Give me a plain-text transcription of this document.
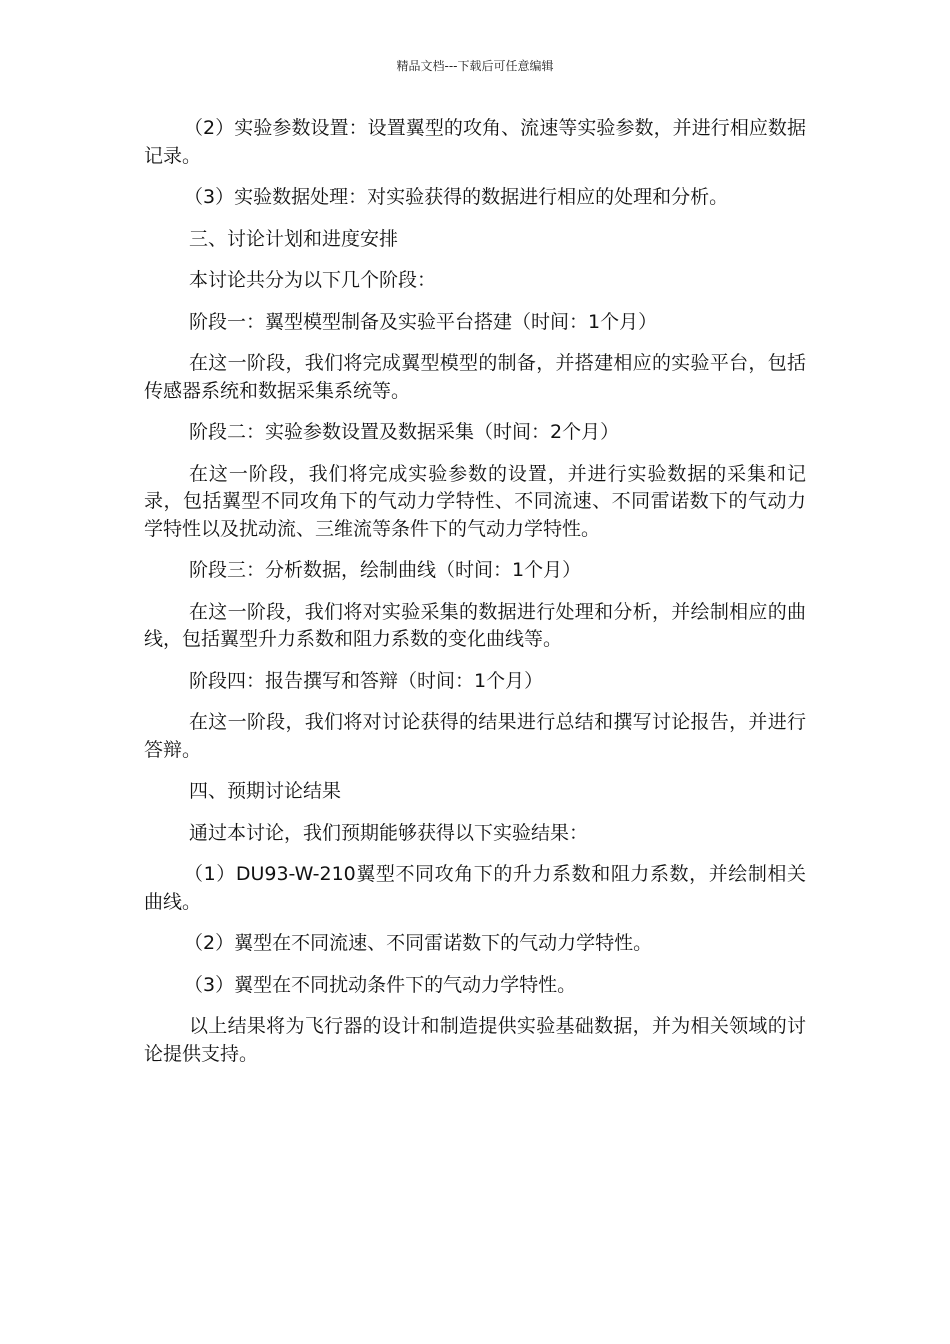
精品文档---下载后可任意编辑

（2）实验参数设置：设置翼型的攻角、流速等实验参数，并进行相应数据记录。

（3）实验数据处理：对实验获得的数据进行相应的处理和分析。

三、讨论计划和进度安排

本讨论共分为以下几个阶段：

阶段一：翼型模型制备及实验平台搭建（时间：1个月）

在这一阶段，我们将完成翼型模型的制备，并搭建相应的实验平台，包括传感器系统和数据采集系统等。

阶段二：实验参数设置及数据采集（时间：2个月）

在这一阶段，我们将完成实验参数的设置，并进行实验数据的采集和记录，包括翼型不同攻角下的气动力学特性、不同流速、不同雷诺数下的气动力学特性以及扰动流、三维流等条件下的气动力学特性。

阶段三：分析数据，绘制曲线（时间：1个月）

在这一阶段，我们将对实验采集的数据进行处理和分析，并绘制相应的曲线，包括翼型升力系数和阻力系数的变化曲线等。

阶段四：报告撰写和答辩（时间：1个月）

在这一阶段，我们将对讨论获得的结果进行总结和撰写讨论报告，并进行答辩。

四、预期讨论结果

通过本讨论，我们预期能够获得以下实验结果：

（1）DU93-W-210翼型不同攻角下的升力系数和阻力系数，并绘制相关曲线。

（2）翼型在不同流速、不同雷诺数下的气动力学特性。

（3）翼型在不同扰动条件下的气动力学特性。

以上结果将为飞行器的设计和制造提供实验基础数据，并为相关领域的讨论提供支持。
